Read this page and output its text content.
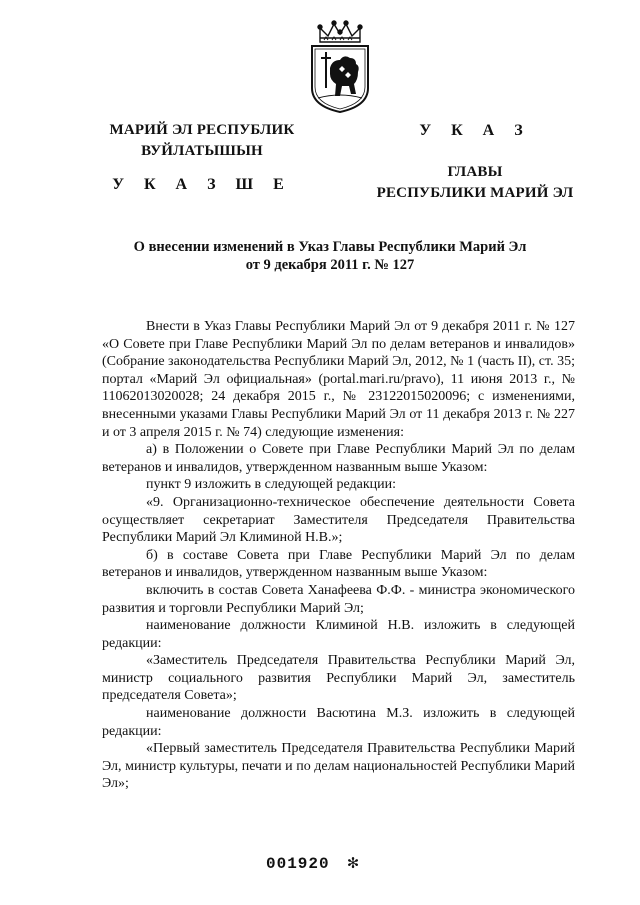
МАРИЙ ЭЛ РЕСПУБЛИК
ВУЙЛАТЫШЫН
У К А З Ш Е
У К А З
ГЛАВЫ
РЕСПУБЛИКИ МАРИЙ ЭЛ
О внесении изменений в Указ Главы Республики Марий Эл
от 9 декабря 2011 г. № 127

Внести в Указ Главы Республики Марий Эл от 9 декабря 2011 г. № 127 «О Совете при Главе Республики Марий Эл по делам ветеранов и инвалидов» (Собрание законодательства Республики Марий Эл, 2012, № 1 (часть II), ст. 35; портал «Марий Эл официальная» (portal.mari.ru/pravo), 11 июня 2013 г., № 11062013020028; 24 декабря 2015 г., № 23122015020096; с изменениями, внесенными указами Главы Республики Марий Эл от 11 декабря 2013 г. № 227 и от 3 апреля 2015 г. № 74) следующие изменения:

а) в Положении о Совете при Главе Республики Марий Эл по делам ветеранов и инвалидов, утвержденном названным выше Указом:

пункт 9 изложить в следующей редакции:

«9. Организационно-техническое обеспечение деятельности Совета осуществляет секретариат Заместителя Председателя Правительства Республики Марий Эл Климиной Н.В.»;

б) в составе Совета при Главе Республики Марий Эл по делам ветеранов и инвалидов, утвержденном названным выше Указом:

включить в состав Совета Ханафеева Ф.Ф. - министра экономического развития и торговли Республики Марий Эл;

наименование должности Климиной Н.В. изложить в следующей редакции:

«Заместитель Председателя Правительства Республики Марий Эл, министр социального развития Республики Марий Эл, заместитель председателя Совета»;

наименование должности Васютина М.З. изложить в следующей редакции:

«Первый заместитель Председателя Правительства Республики Марий Эл, министр культуры, печати и по делам национальностей Республики Марий Эл»;

001920 ✻
